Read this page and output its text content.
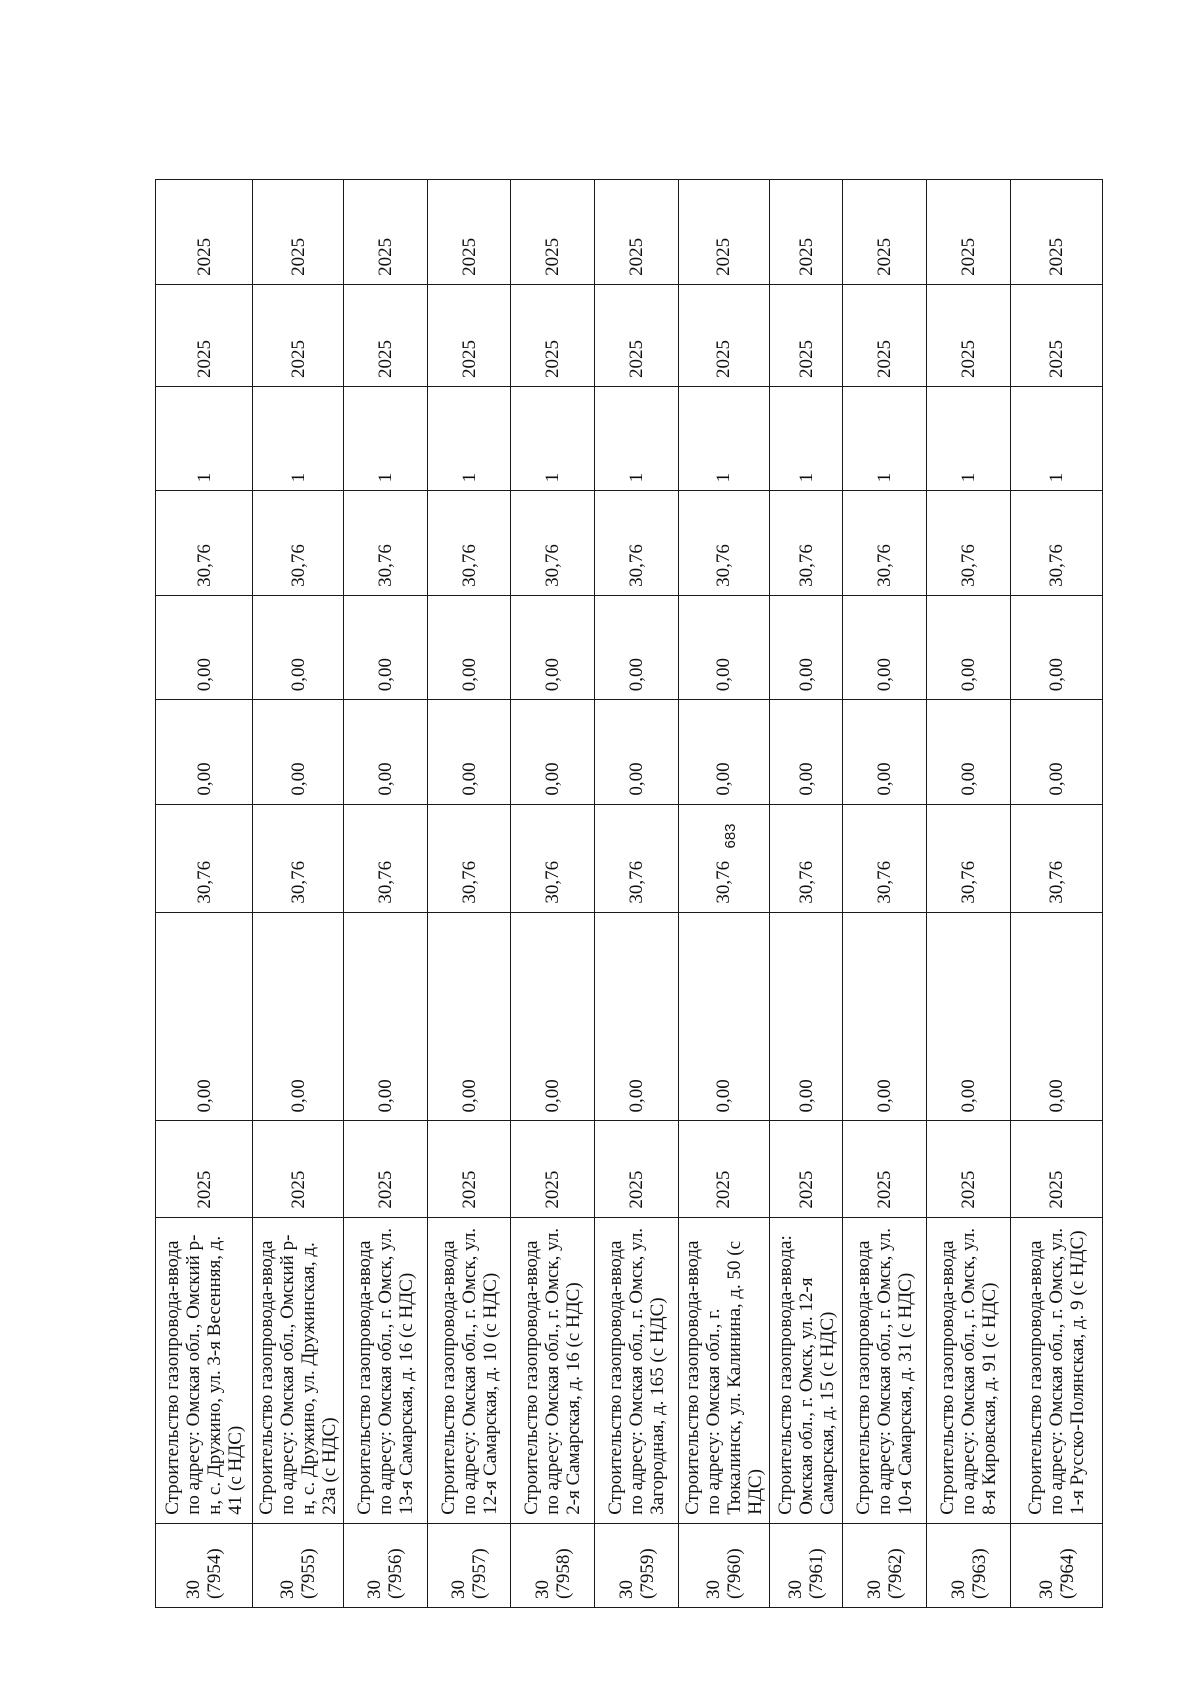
683
30 (7954)	Строительство газопровода-ввода по адресу: Омская обл., Омский р-н, с. Дружино, ул. 3-я Весенняя, д. 41 (с НДС)	2025	0,00	30,76	0,00	0,00	30,76	1	2025	2025

30 (7955)	Строительство газопровода-ввода по адресу: Омская обл., Омский р-н, с. Дружино, ул. Дружинская, д. 23а (с НДС)	2025	0,00	30,76	0,00	0,00	30,76	1	2025	2025

30 (7956)	Строительство газопровода-ввода по адресу: Омская обл., г. Омск, ул. 13-я Самарская, д. 16 (с НДС)	2025	0,00	30,76	0,00	0,00	30,76	1	2025	2025

30 (7957)	Строительство газопровода-ввода по адресу: Омская обл., г. Омск, ул. 12-я Самарская, д. 10 (с НДС)	2025	0,00	30,76	0,00	0,00	30,76	1	2025	2025

30 (7958)	Строительство газопровода-ввода по адресу: Омская обл., г. Омск, ул. 2-я Самарская, д. 16 (с НДС)	2025	0,00	30,76	0,00	0,00	30,76	1	2025	2025

30 (7959)	Строительство газопровода-ввода по адресу: Омская обл., г. Омск, ул. Загородная, д. 165 (с НДС)	2025	0,00	30,76	0,00	0,00	30,76	1	2025	2025

30 (7960)	Строительство газопровода-ввода по адресу: Омская обл., г. Тюкалинск, ул. Калинина, д. 50 (с НДС)	2025	0,00	30,76	0,00	0,00	30,76	1	2025	2025

30 (7961)	Строительство газопровода-ввода: Омская обл., г. Омск, ул. 12-я Самарская, д. 15 (с НДС)	2025	0,00	30,76	0,00	0,00	30,76	1	2025	2025

30 (7962)	Строительство газопровода-ввода по адресу: Омская обл., г. Омск, ул. 10-я Самарская, д. 31 (с НДС)	2025	0,00	30,76	0,00	0,00	30,76	1	2025	2025

30 (7963)	Строительство газопровода-ввода по адресу: Омская обл., г. Омск, ул. 8-я Кировская, д. 91 (с НДС)	2025	0,00	30,76	0,00	0,00	30,76	1	2025	2025

30 (7964)	Строительство газопровода-ввода по адресу: Омская обл., г. Омск, ул. 1-я Русско-Полянская, д. 9 (с НДС)	2025	0,00	30,76	0,00	0,00	30,76	1	2025	2025
